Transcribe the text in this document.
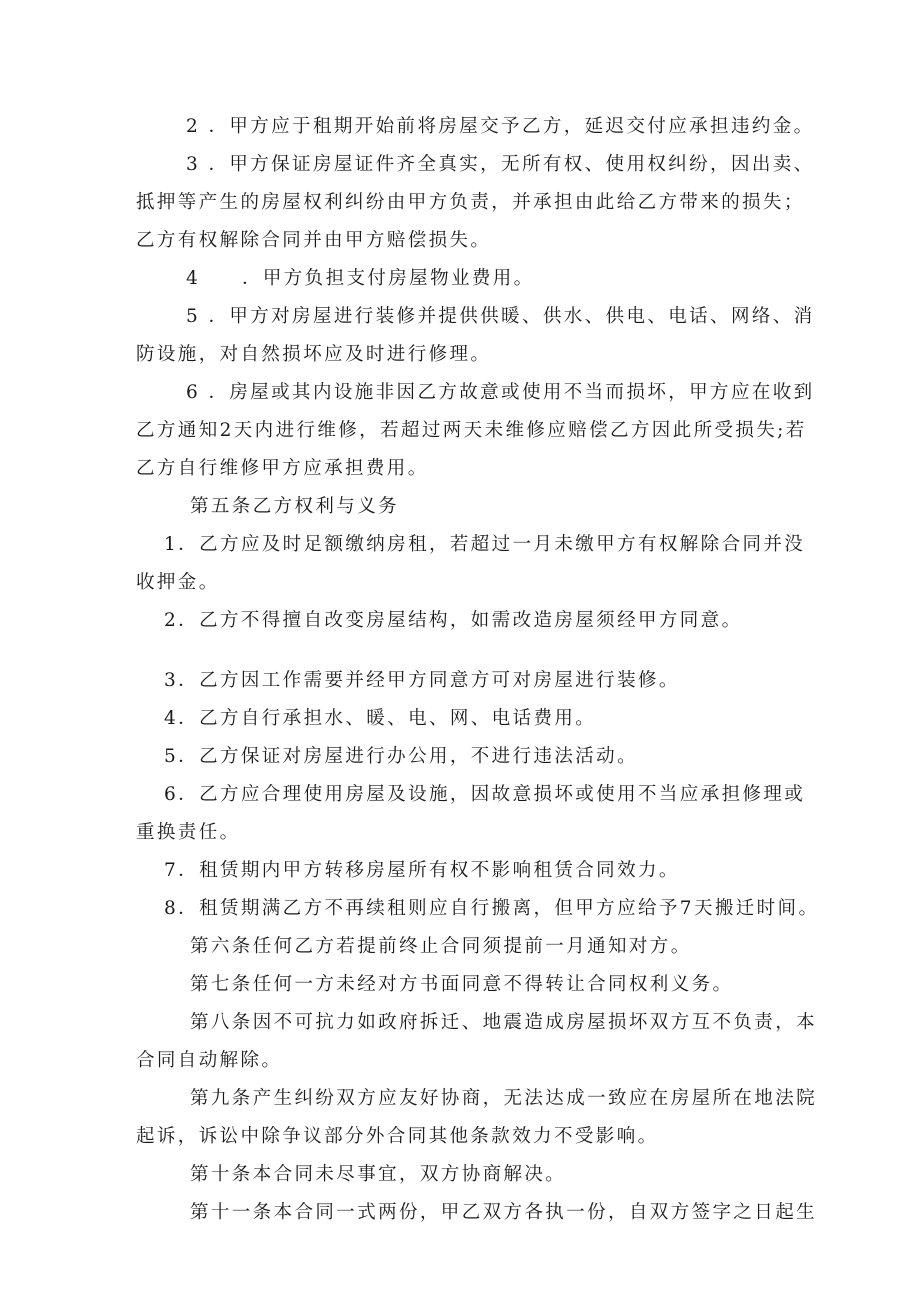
2 ．甲方应于租期开始前将房屋交予乙方，延迟交付应承担违约金。
3 ．甲方保证房屋证件齐全真实，无所有权、使用权纠纷，因出卖、
抵押等产生的房屋权利纠纷由甲方负责，并承担由此给乙方带来的损失；
乙方有权解除合同并由甲方赔偿损失。
4　　．甲方负担支付房屋物业费用。
5 ．甲方对房屋进行装修并提供供暖、供水、供电、电话、网络、消
防设施，对自然损坏应及时进行修理。
6 ．房屋或其内设施非因乙方故意或使用不当而损坏，甲方应在收到
乙方通知2天内进行维修，若超过两天未维修应赔偿乙方因此所受损失;若
乙方自行维修甲方应承担费用。
第五条乙方权利与义务
1．乙方应及时足额缴纳房租，若超过一月未缴甲方有权解除合同并没
收押金。
2．乙方不得擅自改变房屋结构，如需改造房屋须经甲方同意。
3．乙方因工作需要并经甲方同意方可对房屋进行装修。
4．乙方自行承担水、暖、电、网、电话费用。
5．乙方保证对房屋进行办公用，不进行违法活动。
6．乙方应合理使用房屋及设施，因故意损坏或使用不当应承担修理或
重换责任。
7．租赁期内甲方转移房屋所有权不影响租赁合同效力。
8．租赁期满乙方不再续租则应自行搬离，但甲方应给予7天搬迁时间。
第六条任何乙方若提前终止合同须提前一月通知对方。
第七条任何一方未经对方书面同意不得转让合同权利义务。
第八条因不可抗力如政府拆迁、地震造成房屋损坏双方互不负责，本
合同自动解除。
第九条产生纠纷双方应友好协商，无法达成一致应在房屋所在地法院
起诉，诉讼中除争议部分外合同其他条款效力不受影响。
第十条本合同未尽事宜，双方协商解决。
第十一条本合同一式两份，甲乙双方各执一份，自双方签字之日起生
